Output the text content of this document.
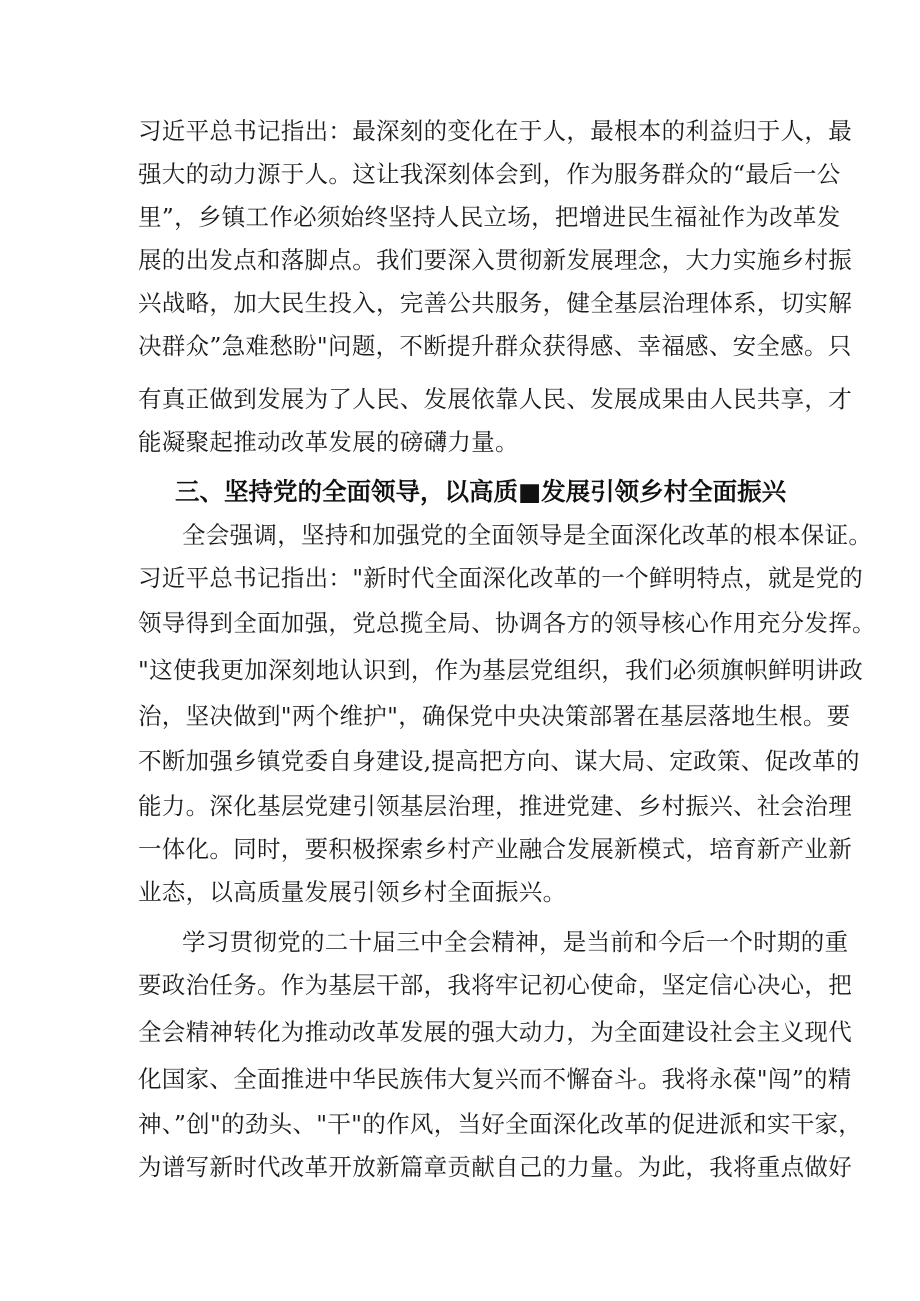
习近平总书记指出：最深刻的变化在于人，最根本的利益归于人，最
强大的动力源于人。这让我深刻体会到，作为服务群众的“最后一公
里”，乡镇工作必须始终坚持人民立场，把增进民生福祉作为改革发
展的出发点和落脚点。我们要深入贯彻新发展理念，大力实施乡村振
兴战略，加大民生投入，完善公共服务，健全基层治理体系，切实解
决群众”急难愁盼"问题，不断提升群众获得感、幸福感、安全感。只
有真正做到发展为了人民、发展依靠人民、发展成果由人民共享，才
能凝聚起推动改革发展的磅礴力量。
三、坚持党的全面领导，以高质■发展引领乡村全面振兴
全会强调，坚持和加强党的全面领导是全面深化改革的根本保证。
习近平总书记指出："新时代全面深化改革的一个鲜明特点，就是党的
领导得到全面加强，党总揽全局、协调各方的领导核心作用充分发挥。
"这使我更加深刻地认识到，作为基层党组织，我们必须旗帜鲜明讲政
治，坚决做到"两个维护"，确保党中央决策部署在基层落地生根。要
不断加强乡镇党委自身建设,提高把方向、谋大局、定政策、促改革的
能力。深化基层党建引领基层治理，推进党建、乡村振兴、社会治理
一体化。同时，要积极探索乡村产业融合发展新模式，培育新产业新
业态，以高质量发展引领乡村全面振兴。
学习贯彻党的二十届三中全会精神，是当前和今后一个时期的重
要政治任务。作为基层干部，我将牢记初心使命，坚定信心决心，把
全会精神转化为推动改革发展的强大动力，为全面建设社会主义现代
化国家、全面推进中华民族伟大复兴而不懈奋斗。我将永葆"闯”的精
神、”创"的劲头、"干"的作风，当好全面深化改革的促进派和实干家，
为谱写新时代改革开放新篇章贡献自己的力量。为此，我将重点做好
